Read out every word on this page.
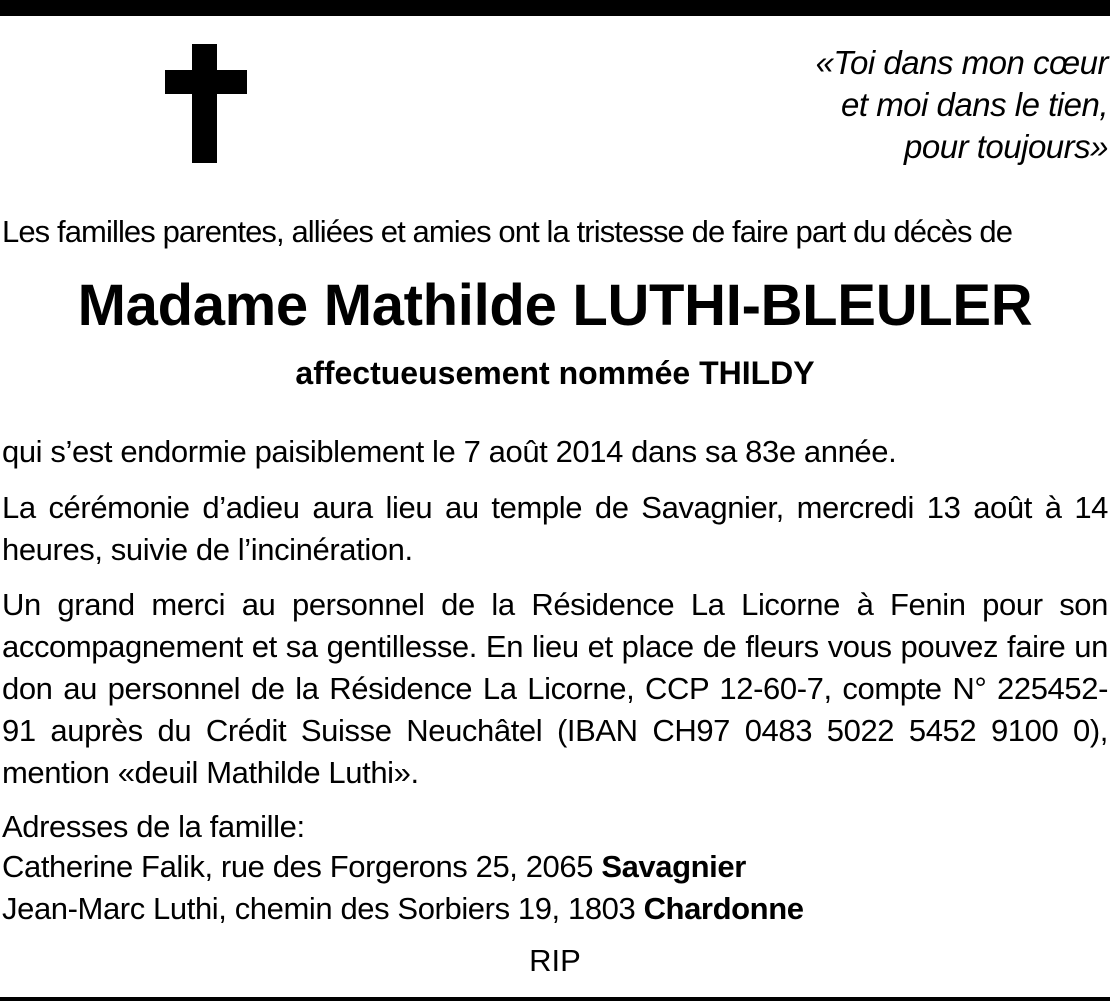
«Toi dans mon cœur
et moi dans le tien,
pour toujours»
Les familles parentes, alliées et amies ont la tristesse de faire part du décès de
Madame Mathilde LUTHI-BLEULER
affectueusement nommée THILDY
qui s’est endormie paisiblement le 7 août 2014 dans sa 83e année.
La cérémonie d’adieu aura lieu au temple de Savagnier, mercredi 13 août à 14 heures, suivie de l’incinération.
Un grand merci au personnel de la Résidence La Licorne à Fenin pour son accompagnement et sa gentillesse. En lieu et place de fleurs vous pouvez faire un don au personnel de la Résidence La Licorne, CCP 12-60-7, compte N° 225452-91 auprès du Crédit Suisse Neuchâtel (IBAN CH97 0483 5022 5452 9100 0), mention «deuil Mathilde Luthi».
Adresses de la famille:
Catherine Falik, rue des Forgerons 25, 2065 Savagnier
Jean-Marc Luthi, chemin des Sorbiers 19, 1803 Chardonne
RIP
